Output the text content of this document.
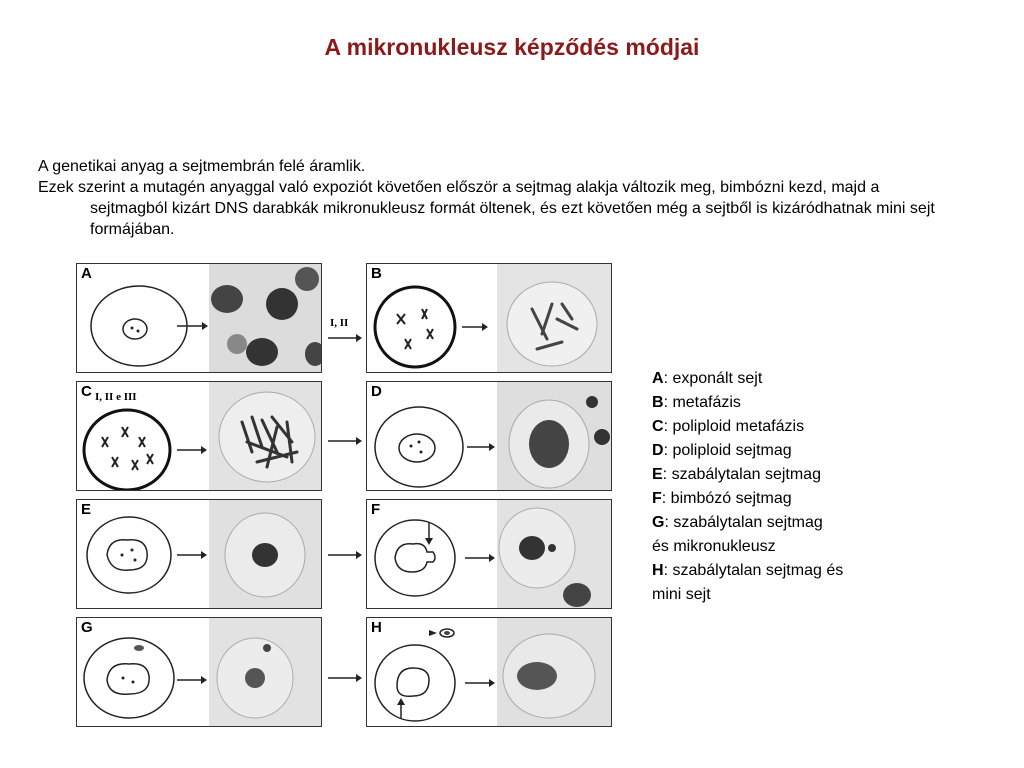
A mikronukleusz képződés módjai

A genetikai anyag a sejtmembrán felé áramlik.

Ezek szerint a mutagén anyaggal való expoziót követően először a sejtmag alakja változik meg, bimbózni kezd, majd a sejtmagból kizárt DNS darabkák mikronukleusz formát öltenek, és ezt követően még a sejtből is kizáródhatnak mini sejt formájában.

A	B
I, II
C I, II e III	D
E	F
G	H
A: exponált sejt
B: metafázis
C: poliploid metafázis
D: poliploid sejtmag
E: szabálytalan sejtmag
F: bimbózó sejtmag
G: szabálytalan sejtmag
és mikronukleusz
H: szabálytalan sejtmag és
mini sejt
